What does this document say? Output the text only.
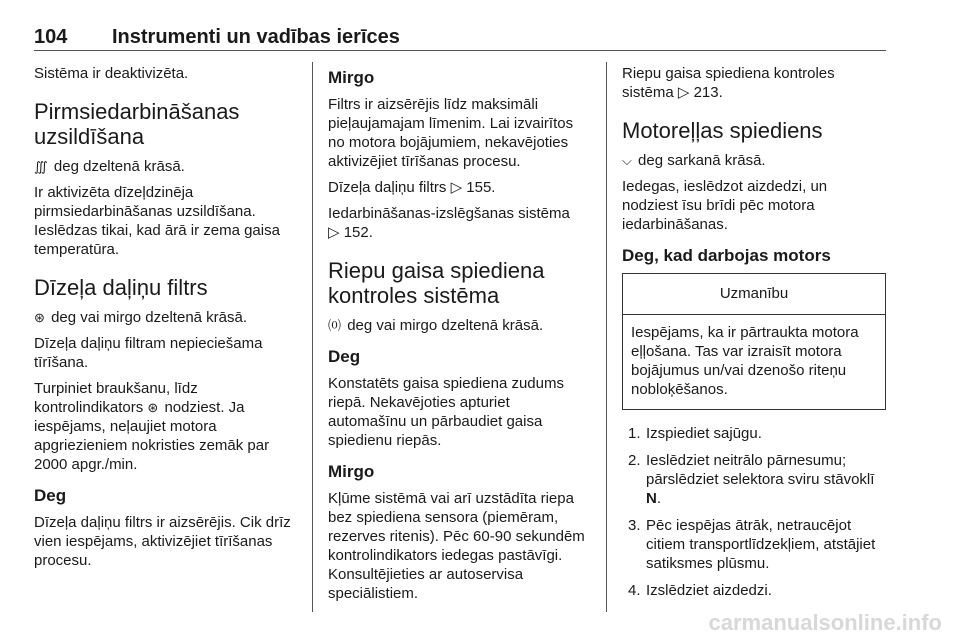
104 Instrumenti un vadības ierīces

Sistēma ir deaktivizēta.

Pirmsiedarbināšanas uzsildīšana

∭ deg dzeltenā krāsā.

Ir aktivizēta dīzeļdzinēja pirmsiedarbināšanas uzsildīšana. Ieslēdzas tikai, kad ārā ir zema gaisa temperatūra.

Dīzeļa daļiņu filtrs

⊛ deg vai mirgo dzeltenā krāsā.

Dīzeļa daļiņu filtram nepieciešama tīrīšana.

Turpiniet braukšanu, līdz kontrolindikators ⊛ nodziest. Ja iespējams, neļaujiet motora apgriezieniem nokristies zemāk par 2000 apgr./min.

Deg

Dīzeļa daļiņu filtrs ir aizsērējis. Cik drīz vien iespējams, aktivizējiet tīrīšanas procesu.

Mirgo

Filtrs ir aizsērējis līdz maksimāli pieļaujamajam līmenim. Lai izvairītos no motora bojājumiem, nekavējoties aktivizējiet tīrīšanas procesu.

Dīzeļa daļiņu filtrs ▷ 155.

Iedarbināšanas-izslēgšanas sistēma
▷ 152.

Riepu gaisa spiediena kontroles sistēma

⒪ deg vai mirgo dzeltenā krāsā.

Deg

Konstatēts gaisa spiediena zudums riepā. Nekavējoties apturiet automašīnu un pārbaudiet gaisa spiedienu riepās.

Mirgo

Kļūme sistēmā vai arī uzstādīta riepa bez spiediena sensora (piemēram, rezerves ritenis). Pēc 60-90 sekundēm kontrolindikators iedegas pastāvīgi. Konsultējieties ar autoservisa speciālistiem.

Riepu gaisa spiediena kontroles sistēma ▷ 213.

Motoreļļas spiediens

⌵ deg sarkanā krāsā.

Iedegas, ieslēdzot aizdedzi, un nodziest īsu brīdi pēc motora iedarbināšanas.

Deg, kad darbojas motors
Uzmanību
Iespējams, ka ir pārtraukta motora eļļošana. Tas var izraisīt motora bojājumus un/vai dzenošo riteņu nobloķēšanos.
1. Izspiediet sajūgu.
2. Ieslēdziet neitrālo pārnesumu; pārslēdziet selektora sviru stāvoklī N.
3. Pēc iespējas ātrāk, netraucējot citiem transportlīdzekļiem, atstājiet satiksmes plūsmu.
4. Izslēdziet aizdedzi.
carmanualsonline.info
